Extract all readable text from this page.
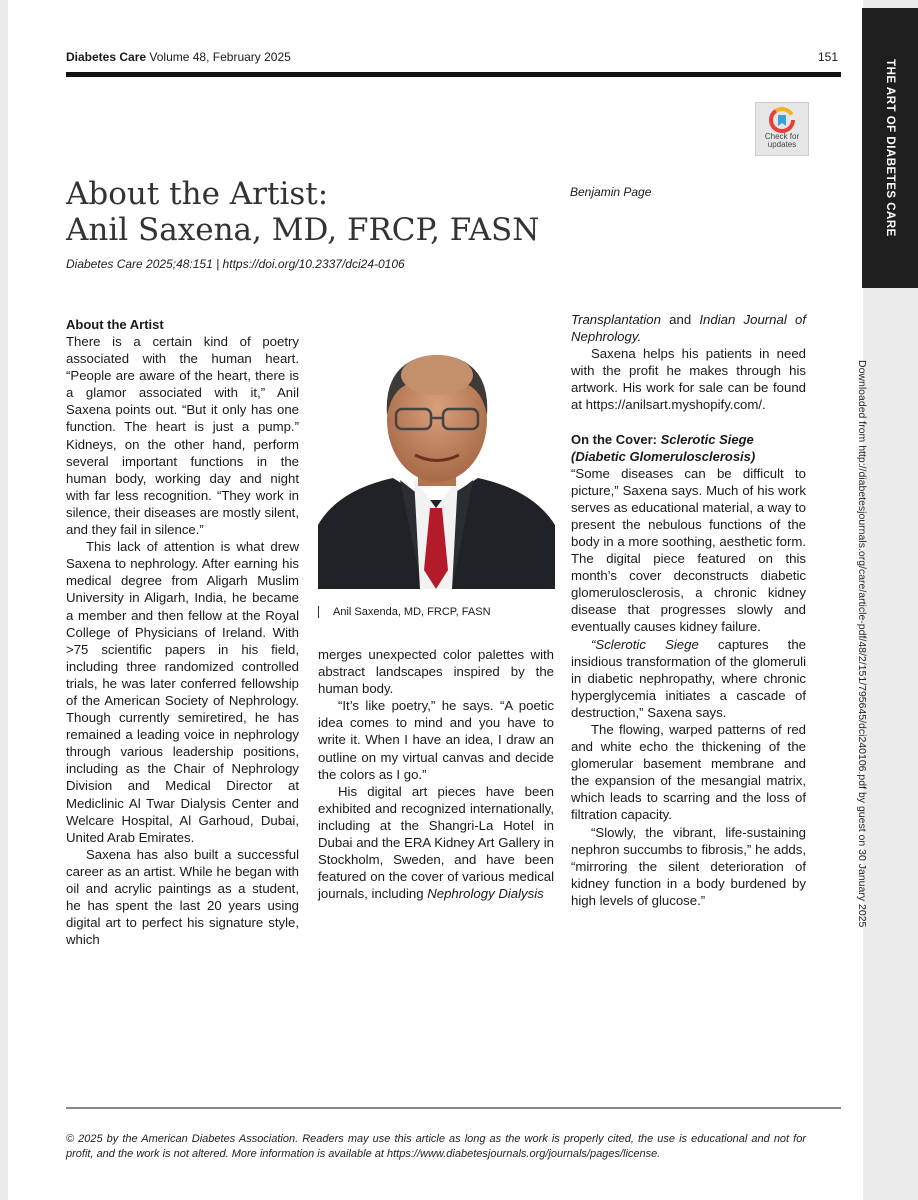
THE ART OF DIABETES CARE
Downloaded from http://diabetesjournals.org/care/article-pdf/48/2/151/795645/dci240106.pdf by guest on 30 January 2025
Diabetes Care Volume 48, February 2025	151
Check for
updates
About the Artist:
Anil Saxena, MD, FRCP, FASN
Benjamin Page
Diabetes Care 2025;48:151 | https://doi.org/10.2337/dci24-0106
About the Artist

There is a certain kind of poetry associated with the human heart. “People are aware of the heart, there is a glamor associated with it,” Anil Saxena points out. “But it only has one function. The heart is just a pump.” Kidneys, on the other hand, perform several important functions in the human body, working day and night with far less recognition. “They work in silence, their diseases are mostly silent, and they fail in silence.”

This lack of attention is what drew Saxena to nephrology. After earning his medical degree from Aligarh Muslim University in Aligarh, India, he became a member and then fellow at the Royal College of Physicians of Ireland. With >75 scientific papers in his field, including three randomized controlled trials, he was later conferred fellowship of the American Society of Nephrology. Though currently semiretired, he has remained a leading voice in nephrology through various leadership positions, including as the Chair of Nephrology Division and Medical Director at Mediclinic Al Twar Dialysis Center and Welcare Hospital, Al Garhoud, Dubai, United Arab Emirates.

Saxena has also built a successful career as an artist. While he began with oil and acrylic paintings as a student, he has spent the last 20 years using digital art to perfect his signature style, which

Anil Saxenda, MD, FRCP, FASN

merges unexpected color palettes with abstract landscapes inspired by the human body.

“It’s like poetry,” he says. “A poetic idea comes to mind and you have to write it. When I have an idea, I draw an outline on my virtual canvas and decide the colors as I go.”

His digital art pieces have been exhibited and recognized internationally, including at the Shangri-La Hotel in Dubai and the ERA Kidney Art Gallery in Stockholm, Sweden, and have been featured on the cover of various medical journals, including Nephrology Dialysis

Transplantation and Indian Journal of Nephrology.

Saxena helps his patients in need with the profit he makes through his artwork. His work for sale can be found at https://anilsart.myshopify.com/.

On the Cover: Sclerotic Siege
(Diabetic Glomerulosclerosis)

“Some diseases can be difficult to picture,” Saxena says. Much of his work serves as educational material, a way to present the nebulous functions of the body in a more soothing, aesthetic form. The digital piece featured on this month’s cover deconstructs diabetic glomerulosclerosis, a chronic kidney disease that progresses slowly and eventually causes kidney failure.

“Sclerotic Siege captures the insidious transformation of the glomeruli in diabetic nephropathy, where chronic hyperglycemia initiates a cascade of destruction,” Saxena says.

The flowing, warped patterns of red and white echo the thickening of the glomerular basement membrane and the expansion of the mesangial matrix, which leads to scarring and the loss of filtration capacity.

“Slowly, the vibrant, life-sustaining nephron succumbs to fibrosis,” he adds, “mirroring the silent deterioration of kidney function in a body burdened by high levels of glucose.”

© 2025 by the American Diabetes Association. Readers may use this article as long as the work is properly cited, the use is educational and not for profit, and the work is not altered. More information is available at https://www.diabetesjournals.org/journals/pages/license.
